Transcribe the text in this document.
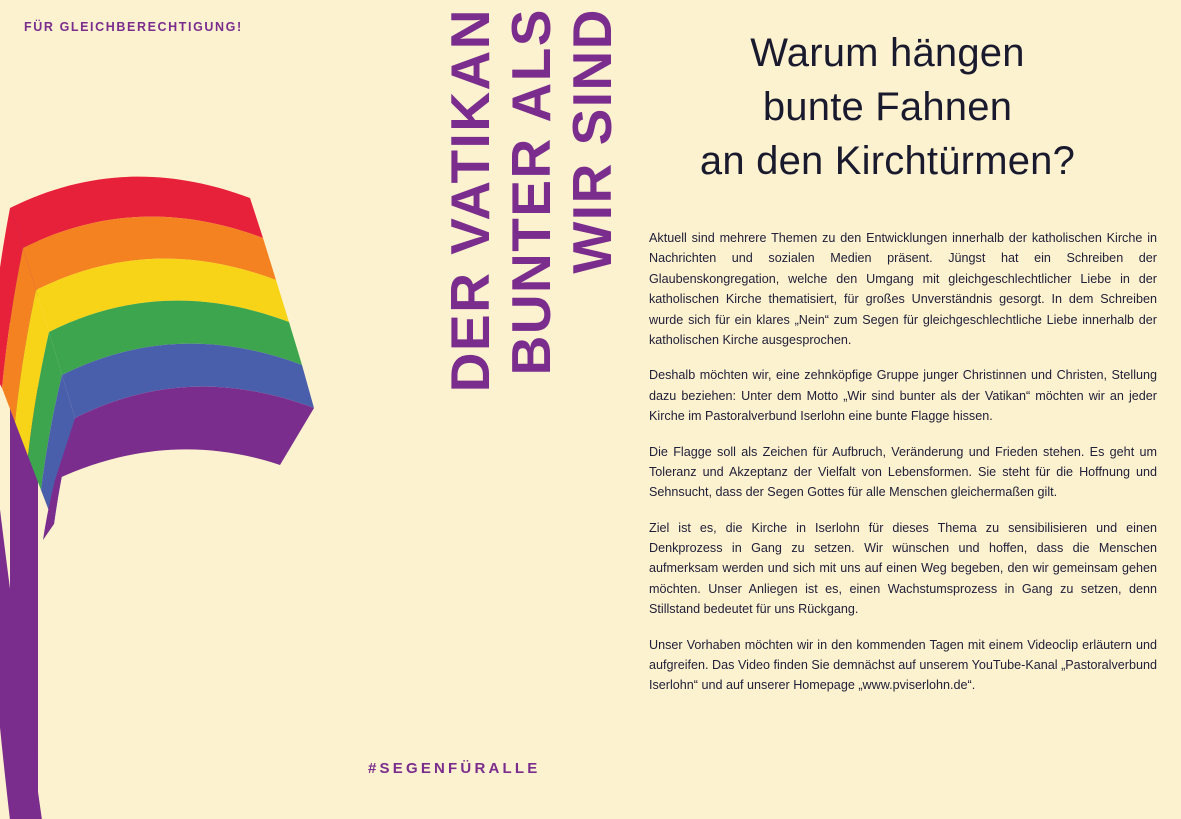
FÜR GLEICHBERECHTIGUNG!	WIR SIND
BUNTER ALS
DER VATIKAN
#SEGENFÜRALLE
Warum hängen
bunte Fahnen
an den Kirchtürmen?

Aktuell sind mehrere Themen zu den Entwicklungen innerhalb der katholischen Kirche in Nachrichten und sozialen Medien präsent. Jüngst hat ein Schreiben der Glaubenskongregation, welche den Umgang mit gleichgeschlechtlicher Liebe in der katholischen Kirche thematisiert, für großes Unverständnis gesorgt. In dem Schreiben wurde sich für ein klares „Nein“ zum Segen für gleichgeschlechtliche Liebe innerhalb der katholischen Kirche ausgesprochen.

Deshalb möchten wir, eine zehnköpfige Gruppe junger Christinnen und Christen, Stellung dazu beziehen: Unter dem Motto „Wir sind bunter als der Vatikan“ möchten wir an jeder Kirche im Pastoralverbund Iserlohn eine bunte Flagge hissen.

Die Flagge soll als Zeichen für Aufbruch, Veränderung und Frieden stehen. Es geht um Toleranz und Akzeptanz der Vielfalt von Lebensformen. Sie steht für die Hoffnung und Sehnsucht, dass der Segen Gottes für alle Menschen gleichermaßen gilt.

Ziel ist es, die Kirche in Iserlohn für dieses Thema zu sensibilisieren und einen Denkprozess in Gang zu setzen. Wir wünschen und hoffen, dass die Menschen aufmerksam werden und sich mit uns auf einen Weg begeben, den wir gemeinsam gehen möchten. Unser Anliegen ist es, einen Wachstumsprozess in Gang zu setzen, denn Stillstand bedeutet für uns Rückgang.

Unser Vorhaben möchten wir in den kommenden Tagen mit einem Videoclip erläutern und aufgreifen. Das Video finden Sie demnächst auf unserem YouTube-Kanal „Pastoralverbund Iserlohn“ und auf unserer Homepage „www.pviserlohn.de“.
